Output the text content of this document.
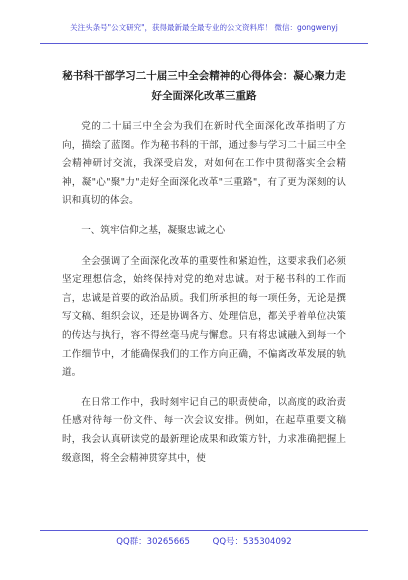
关注头条号"公文研究"，获得最新最全最专业的公文资料库！ 微信：gongwenyj
秘书科干部学习二十届三中全会精神的心得体会：凝心聚力走好全面深化改革三重路

党的二十届三中全会为我们在新时代全面深化改革指明了方向，描绘了蓝图。作为秘书科的干部，通过参与学习二十届三中全会精神研讨交流，我深受启发，对如何在工作中贯彻落实全会精神，凝"心"聚"力"走好全面深化改革"三重路"，有了更为深刻的认识和真切的体会。

一、筑牢信仰之基，凝聚忠诚之心

全会强调了全面深化改革的重要性和紧迫性，这要求我们必须坚定理想信念，始终保持对党的绝对忠诚。对于秘书科的工作而言，忠诚是首要的政治品质。我们所承担的每一项任务，无论是撰写文稿、组织会议，还是协调各方、处理信息，都关乎着单位决策的传达与执行，容不得丝毫马虎与懈怠。只有将忠诚融入到每一个工作细节中，才能确保我们的工作方向正确，不偏离改革发展的轨道。

在日常工作中，我时刻牢记自己的职责使命，以高度的政治责任感对待每一份文件、每一次会议安排。例如，在起草重要文稿时，我会认真研读党的最新理论成果和政策方针，力求准确把握上级意图，将全会精神贯穿其中，使

QQ群：30265665	QQ号：535304092
